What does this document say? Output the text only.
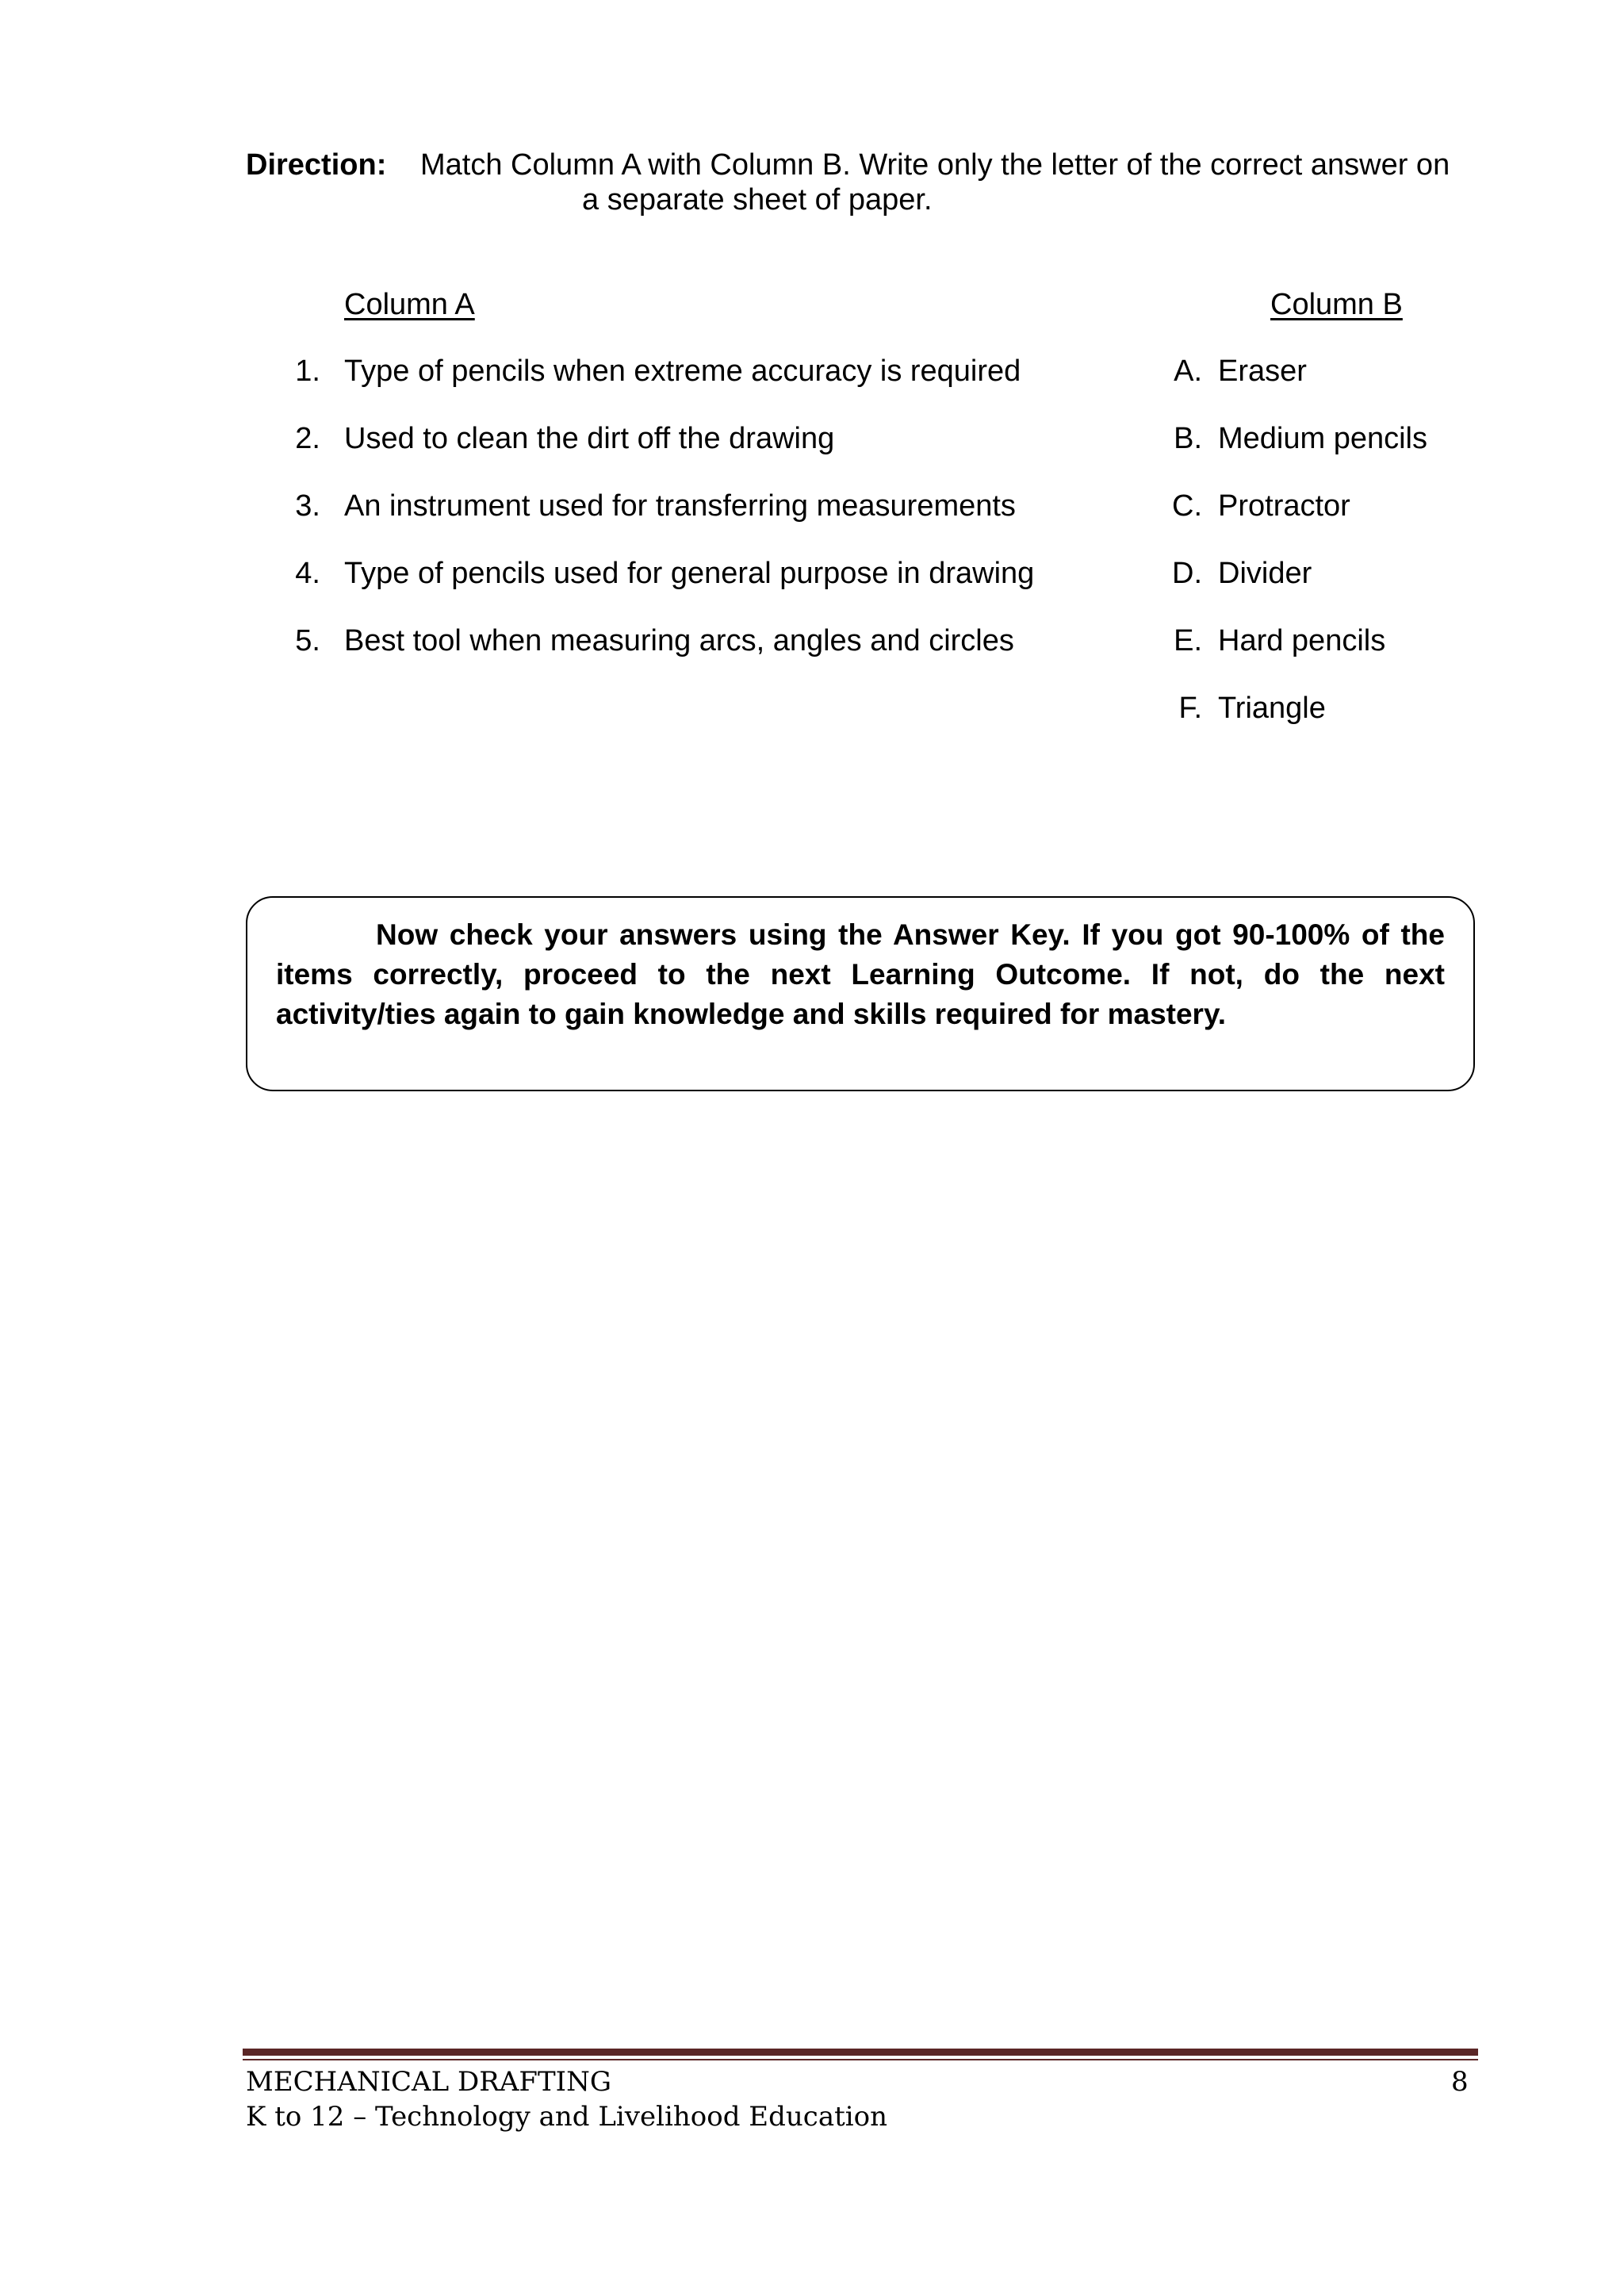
Direction: Match Column A with Column B. Write only the letter of the correct answer on
a separate sheet of paper.
Column A	Column B
1. Type of pencils when extreme accuracy is required
2. Used to clean the dirt off the drawing
3. An instrument used for transferring measurements
4. Type of pencils used for general purpose in drawing
5. Best tool when measuring arcs, angles and circles
A. Eraser
B. Medium pencils
C. Protractor
D. Divider
E. Hard pencils
F. Triangle
Now check your answers using the Answer Key. If you got 90-100% of the items correctly, proceed to the next Learning Outcome. If not, do the next activity/ties again to gain knowledge and skills required for mastery.
MECHANICAL DRAFTING
K to 12 – Technology and Livelihood Education
8
